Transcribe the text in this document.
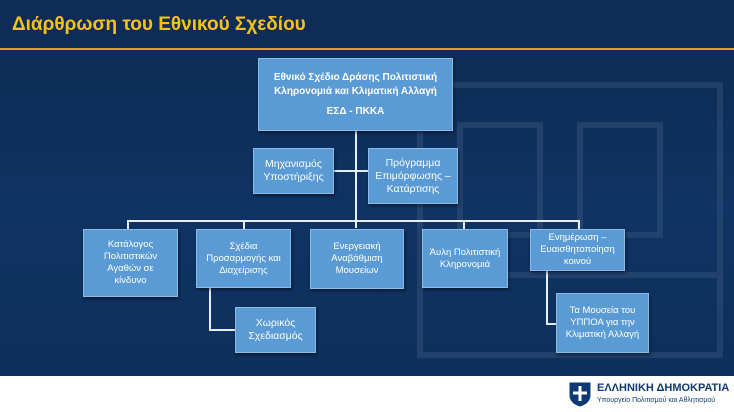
Διάρθρωση του Εθνικού Σχεδίου
Εθνικό Σχέδιο Δράσης Πολιτιστική
Κληρονομιά και Κλιματική Αλλαγή
ΕΣΔ - ΠΚΚΑ
Μηχανισμός
Υποστήριξης
Πρόγραμμα
Επιμόρφωσης –
Κατάρτισης
Κατάλογος
Πολιτιστικών
Αγαθών σε κίνδυνο
Σχέδια
Προσαρμογής και
Διαχείρισης
Ενεργειακή
Αναβάθμιση
Μουσείων
Άυλη Πολιτιστική
Κληρονομιά
Ενημέρωση –
Ευαισθητοποίηση
κοινού
Χωρικός
Σχεδιασμός
Τα Μουσεία του
ΥΠΠΟΑ για την
Κλιματική Αλλαγή
ΕΛΛΗΝΙΚΗ ΔΗΜΟΚΡΑΤΙΑ
Υπουργείο Πολιτισμού και Αθλητισμού
